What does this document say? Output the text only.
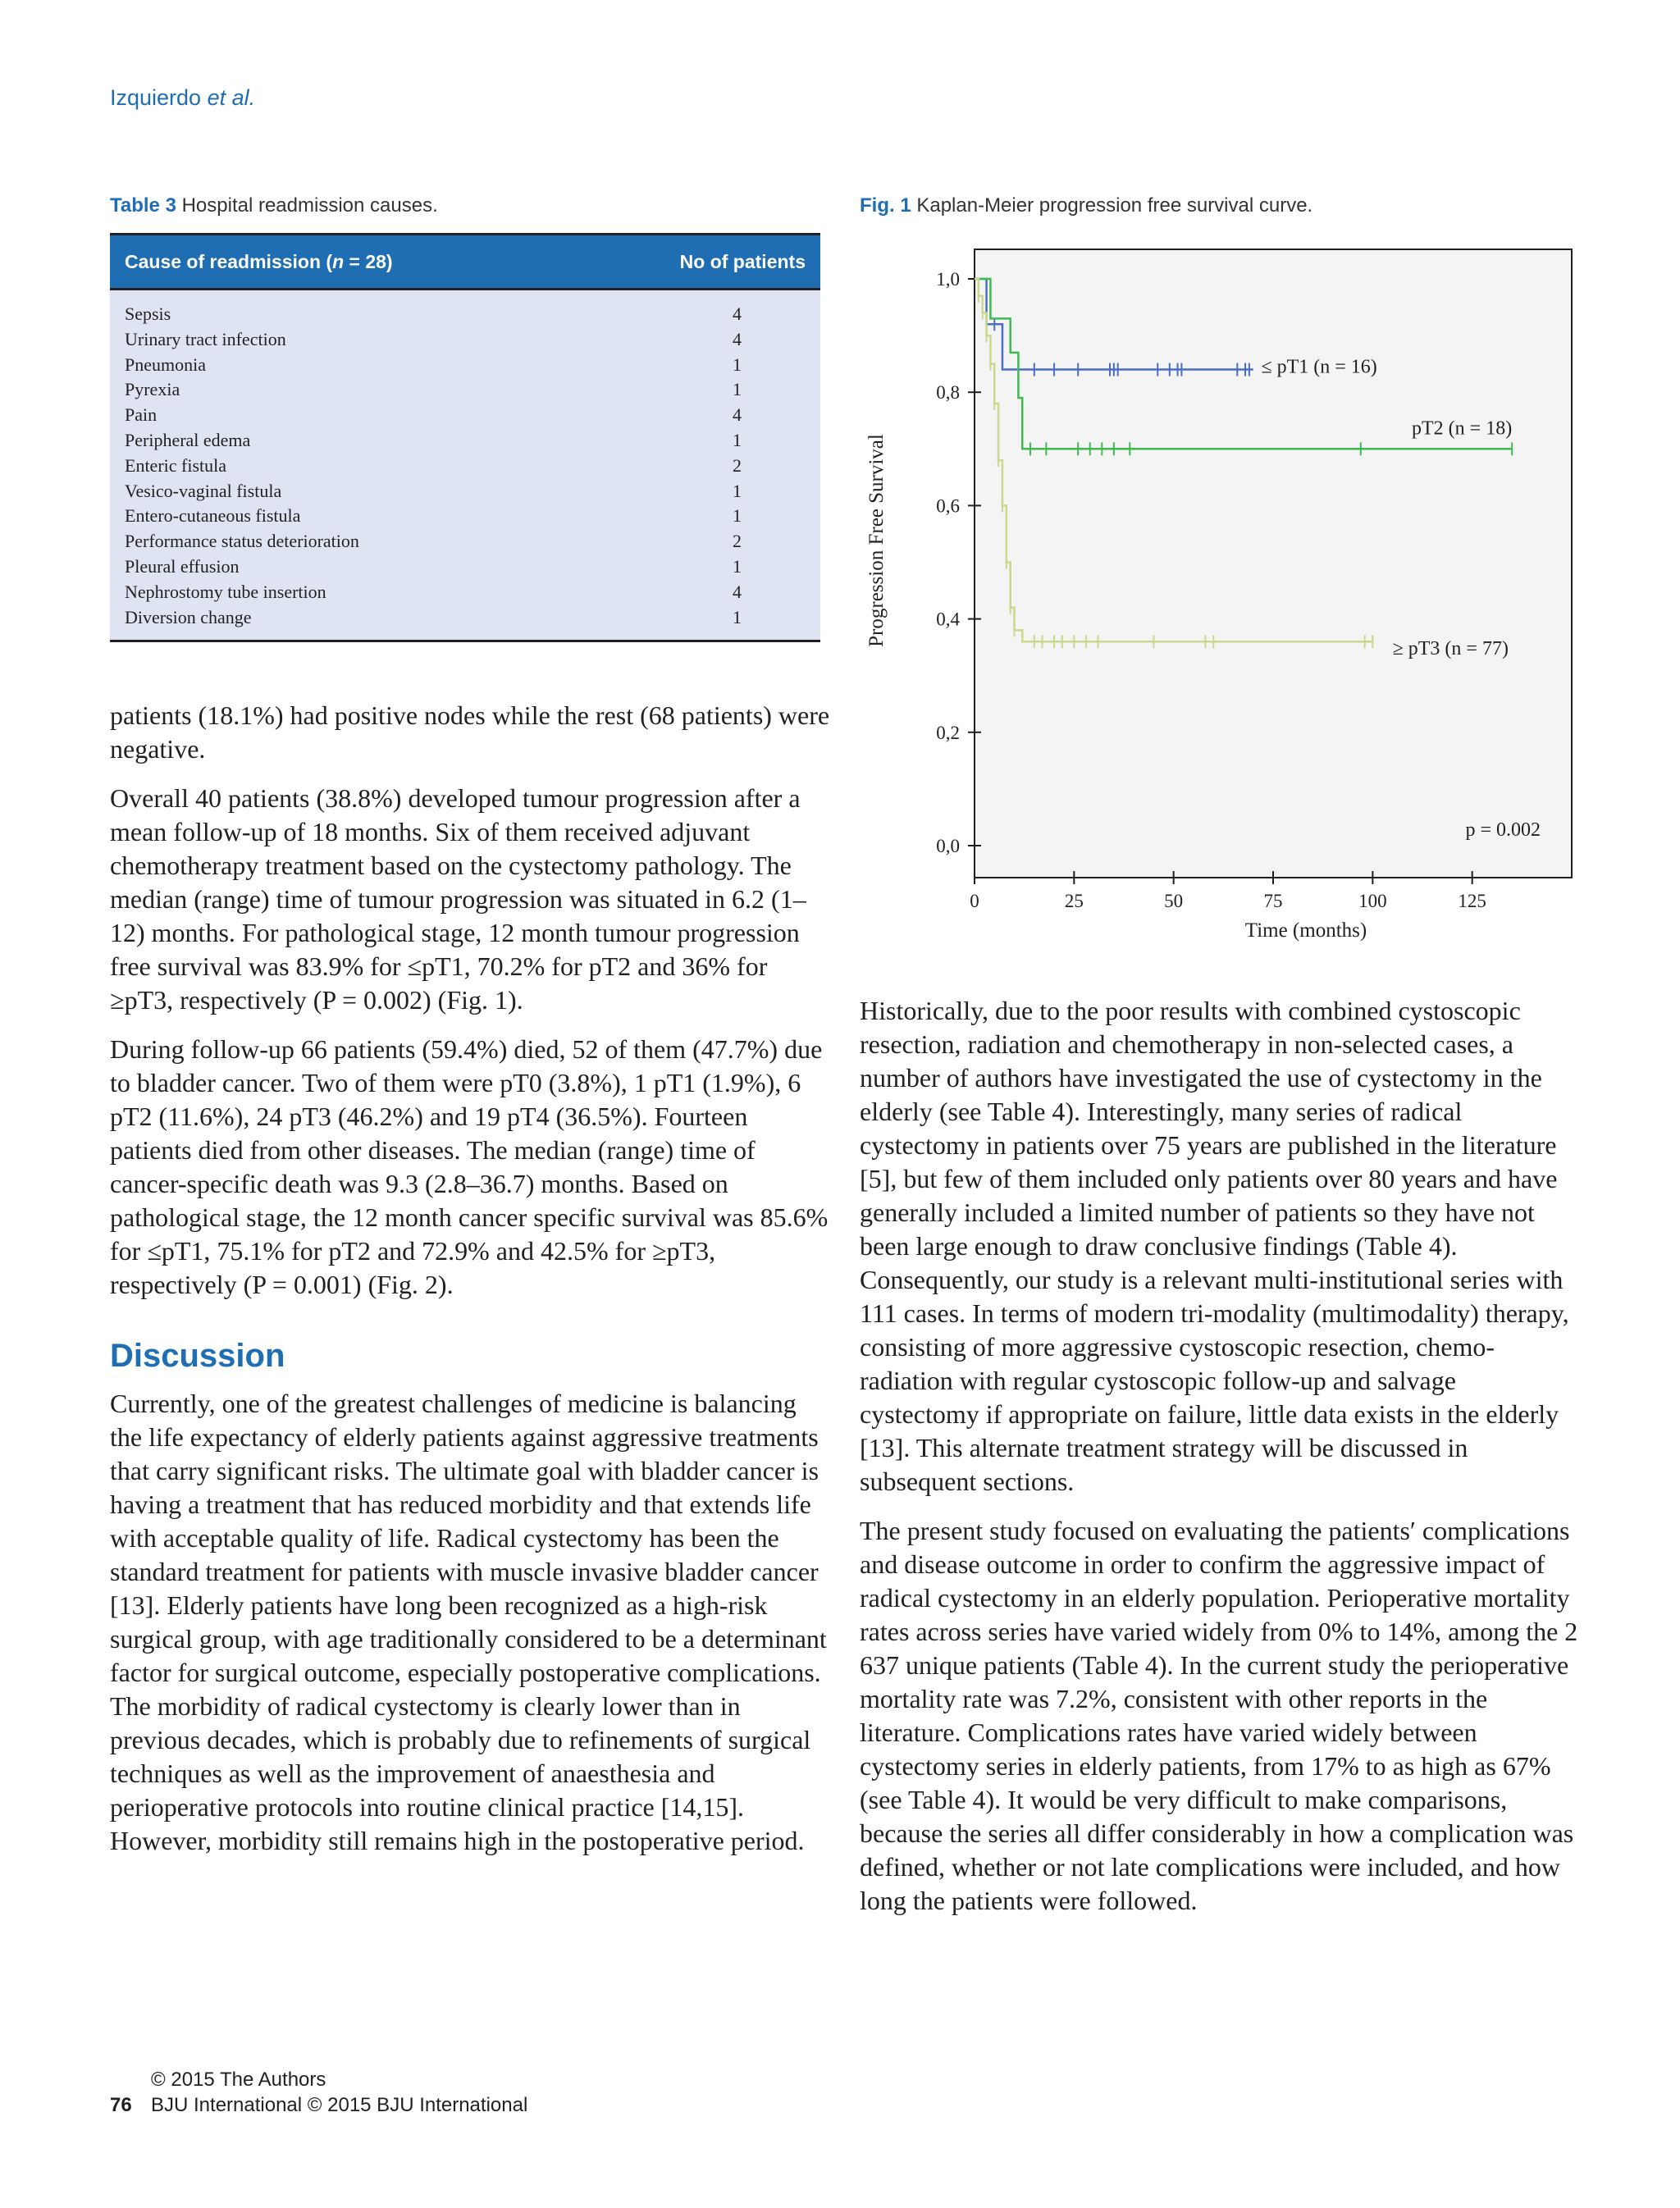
Izquierdo et al.
Table 3 Hospital readmission causes.
Cause of readmission (n = 28)	No of patients
Sepsis	4
Urinary tract infection	4
Pneumonia	1
Pyrexia	1
Pain	4
Peripheral edema	1
Enteric fistula	2
Vesico-vaginal fistula	1
Entero-cutaneous fistula	1
Performance status deterioration	2
Pleural effusion	1
Nephrostomy tube insertion	4
Diversion change	1
Fig. 1 Kaplan-Meier progression free survival curve.
0,0
0,2
0,4
0,6
0,8
1,0
0	25	50	75	100	125
Time (months)
Progression Free Survival
≤ pT1 (n = 16)
pT2 (n = 18)
≥ pT3 (n = 77)
p = 0.002

patients (18.1%) had positive nodes while the rest (68 patients) were negative.

Overall 40 patients (38.8%) developed tumour progression after a mean follow-up of 18 months. Six of them received adjuvant chemotherapy treatment based on the cystectomy pathology. The median (range) time of tumour progression was situated in 6.2 (1–12) months. For pathological stage, 12 month tumour progression free survival was 83.9% for ≤pT1, 70.2% for pT2 and 36% for ≥pT3, respectively (P = 0.002) (Fig. 1).

During follow-up 66 patients (59.4%) died, 52 of them (47.7%) due to bladder cancer. Two of them were pT0 (3.8%), 1 pT1 (1.9%), 6 pT2 (11.6%), 24 pT3 (46.2%) and 19 pT4 (36.5%). Fourteen patients died from other diseases. The median (range) time of cancer-specific death was 9.3 (2.8–36.7) months. Based on pathological stage, the 12 month cancer specific survival was 85.6% for ≤pT1, 75.1% for pT2 and 72.9% and 42.5% for ≥pT3, respectively (P = 0.001) (Fig. 2).

Discussion

Currently, one of the greatest challenges of medicine is balancing the life expectancy of elderly patients against aggressive treatments that carry significant risks. The ultimate goal with bladder cancer is having a treatment that has reduced morbidity and that extends life with acceptable quality of life. Radical cystectomy has been the standard treatment for patients with muscle invasive bladder cancer [13]. Elderly patients have long been recognized as a high-risk surgical group, with age traditionally considered to be a determinant factor for surgical outcome, especially postoperative complications. The morbidity of radical cystectomy is clearly lower than in previous decades, which is probably due to refinements of surgical techniques as well as the improvement of anaesthesia and perioperative protocols into routine clinical practice [14,15]. However, morbidity still remains high in the postoperative period.

Historically, due to the poor results with combined cystoscopic resection, radiation and chemotherapy in non-selected cases, a number of authors have investigated the use of cystectomy in the elderly (see Table 4). Interestingly, many series of radical cystectomy in patients over 75 years are published in the literature [5], but few of them included only patients over 80 years and have generally included a limited number of patients so they have not been large enough to draw conclusive findings (Table 4). Consequently, our study is a relevant multi-institutional series with 111 cases. In terms of modern tri-modality (multimodality) therapy, consisting of more aggressive cystoscopic resection, chemo-radiation with regular cystoscopic follow-up and salvage cystectomy if appropriate on failure, little data exists in the elderly [13]. This alternate treatment strategy will be discussed in subsequent sections.

The present study focused on evaluating the patients′ complications and disease outcome in order to confirm the aggressive impact of radical cystectomy in an elderly population. Perioperative mortality rates across series have varied widely from 0% to 14%, among the 2 637 unique patients (Table 4). In the current study the perioperative mortality rate was 7.2%, consistent with other reports in the literature. Complications rates have varied widely between cystectomy series in elderly patients, from 17% to as high as 67% (see Table 4). It would be very difficult to make comparisons, because the series all differ considerably in how a complication was defined, whether or not late complications were included, and how long the patients were followed.

© 2015 The Authors
76 BJU International © 2015 BJU International
